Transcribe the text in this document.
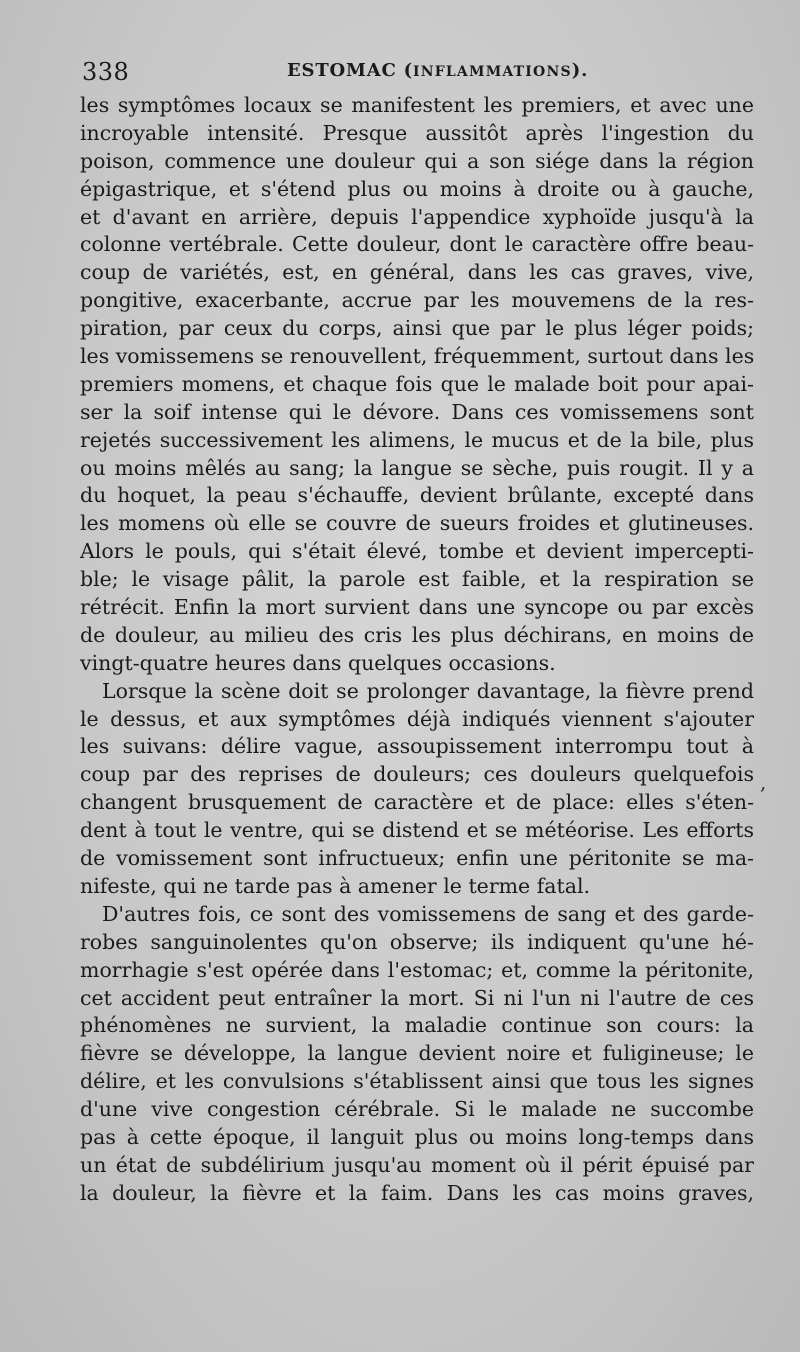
338	ESTOMAC (INFLAMMATIONS).
les symptômes locaux se manifestent les premiers, et avec une
incroyable intensité. Presque aussitôt après l'ingestion du
poison, commence une douleur qui a son siége dans la région
épigastrique, et s'étend plus ou moins à droite ou à gauche,
et d'avant en arrière, depuis l'appendice xyphoïde jusqu'à la
colonne vertébrale. Cette douleur, dont le caractère offre beau-
coup de variétés, est, en général, dans les cas graves, vive,
pongitive, exacerbante, accrue par les mouvemens de la res-
piration, par ceux du corps, ainsi que par le plus léger poids;
les vomissemens se renouvellent, fréquemment, surtout dans les
premiers momens, et chaque fois que le malade boit pour apai-
ser la soif intense qui le dévore. Dans ces vomissemens sont
rejetés successivement les alimens, le mucus et de la bile, plus
ou moins mêlés au sang; la langue se sèche, puis rougit. Il y a
du hoquet, la peau s'échauffe, devient brûlante, excepté dans
les momens où elle se couvre de sueurs froides et glutineuses.
Alors le pouls, qui s'était élevé, tombe et devient impercepti-
ble; le visage pâlit, la parole est faible, et la respiration se
rétrécit. Enfin la mort survient dans une syncope ou par excès
de douleur, au milieu des cris les plus déchirans, en moins de
vingt-quatre heures dans quelques occasions.
Lorsque la scène doit se prolonger davantage, la fièvre prend
le dessus, et aux symptômes déjà indiqués viennent s'ajouter
les suivans: délire vague, assoupissement interrompu tout à
coup par des reprises de douleurs; ces douleurs quelquefois
changent brusquement de caractère et de place: elles s'éten-
dent à tout le ventre, qui se distend et se météorise. Les efforts
de vomissement sont infructueux; enfin une péritonite se ma-
nifeste, qui ne tarde pas à amener le terme fatal.
D'autres fois, ce sont des vomissemens de sang et des garde-
robes sanguinolentes qu'on observe; ils indiquent qu'une hé-
morrhagie s'est opérée dans l'estomac; et, comme la péritonite,
cet accident peut entraîner la mort. Si ni l'un ni l'autre de ces
phénomènes ne survient, la maladie continue son cours: la
fièvre se développe, la langue devient noire et fuligineuse; le
délire, et les convulsions s'établissent ainsi que tous les signes
d'une vive congestion cérébrale. Si le malade ne succombe
pas à cette époque, il languit plus ou moins long-temps dans
un état de subdélirium jusqu'au moment où il périt épuisé par
la douleur, la fièvre et la faim. Dans les cas moins graves,
,
